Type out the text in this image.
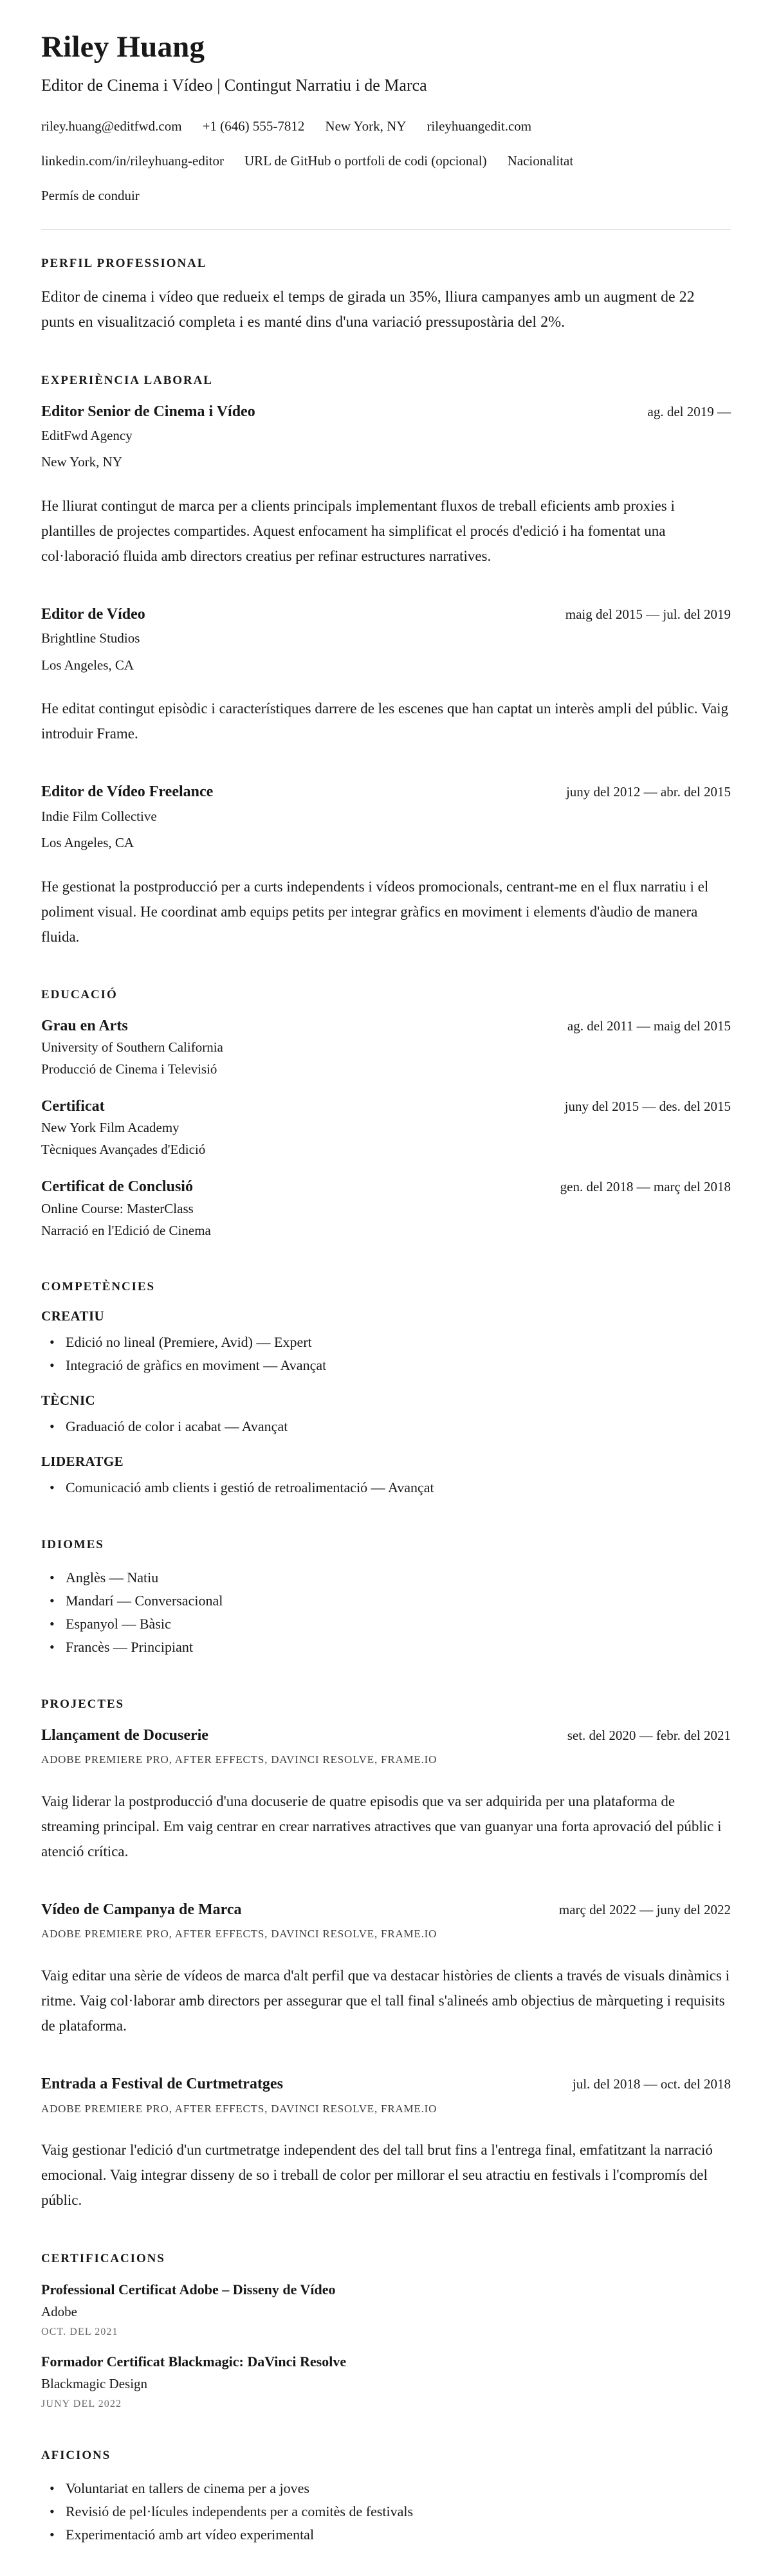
Riley Huang
Editor de Cinema i Vídeo | Contingut Narratiu i de Marca
riley.huang@editfwd.com +1 (646) 555-7812 New York, NY rileyhuangedit.com
linkedin.com/in/rileyhuang-editor URL de GitHub o portfoli de codi (opcional) Nacionalitat
Permís de conduir
PERFIL PROFESSIONAL

Editor de cinema i vídeo que redueix el temps de girada un 35%, lliura campanyes amb un augment de 22 punts en visualització completa i es manté dins d'una variació pressupostària del 2%.

EXPERIÈNCIA LABORAL
Editor Senior de Cinema i Vídeo	ag. del 2019 —
EditFwd Agency
New York, NY

He lliurat contingut de marca per a clients principals implementant fluxos de treball eficients amb proxies i plantilles de projectes compartides. Aquest enfocament ha simplificat el procés d'edició i ha fomentat una col·laboració fluida amb directors creatius per refinar estructures narratives.

Editor de Vídeo	maig del 2015 — jul. del 2019
Brightline Studios
Los Angeles, CA

He editat contingut episòdic i característiques darrere de les escenes que han captat un interès ampli del públic. Vaig introduir Frame.

Editor de Vídeo Freelance	juny del 2012 — abr. del 2015
Indie Film Collective
Los Angeles, CA

He gestionat la postproducció per a curts independents i vídeos promocionals, centrant-me en el flux narratiu i el poliment visual. He coordinat amb equips petits per integrar gràfics en moviment i elements d'àudio de manera fluida.

EDUCACIÓ
Grau en Arts	ag. del 2011 — maig del 2015
University of Southern California
Producció de Cinema i Televisió
Certificat	juny del 2015 — des. del 2015
New York Film Academy
Tècniques Avançades d'Edició
Certificat de Conclusió	gen. del 2018 — març del 2018
Online Course: MasterClass
Narració en l'Edició de Cinema
COMPETÈNCIES
CREATIU
• Edició no lineal (Premiere, Avid) — Expert
• Integració de gràfics en moviment — Avançat
TÈCNIC
• Graduació de color i acabat — Avançat
LIDERATGE
• Comunicació amb clients i gestió de retroalimentació — Avançat
IDIOMES
• Anglès — Natiu
• Mandarí — Conversacional
• Espanyol — Bàsic
• Francès — Principiant
PROJECTES
Llançament de Docuserie	set. del 2020 — febr. del 2021
ADOBE PREMIERE PRO, AFTER EFFECTS, DAVINCI RESOLVE, FRAME.IO

Vaig liderar la postproducció d'una docuserie de quatre episodis que va ser adquirida per una plataforma de streaming principal. Em vaig centrar en crear narratives atractives que van guanyar una forta aprovació del públic i atenció crítica.

Vídeo de Campanya de Marca	març del 2022 — juny del 2022
ADOBE PREMIERE PRO, AFTER EFFECTS, DAVINCI RESOLVE, FRAME.IO

Vaig editar una sèrie de vídeos de marca d'alt perfil que va destacar històries de clients a través de visuals dinàmics i ritme. Vaig col·laborar amb directors per assegurar que el tall final s'alineés amb objectius de màrqueting i requisits de plataforma.

Entrada a Festival de Curtmetratges	jul. del 2018 — oct. del 2018
ADOBE PREMIERE PRO, AFTER EFFECTS, DAVINCI RESOLVE, FRAME.IO

Vaig gestionar l'edició d'un curtmetratge independent des del tall brut fins a l'entrega final, emfatitzant la narració emocional. Vaig integrar disseny de so i treball de color per millorar el seu atractiu en festivals i l'compromís del públic.

CERTIFICACIONS
Professional Certificat Adobe – Disseny de Vídeo
Adobe
OCT. DEL 2021
Formador Certificat Blackmagic: DaVinci Resolve
Blackmagic Design
JUNY DEL 2022
AFICIONS
• Voluntariat en tallers de cinema per a joves
• Revisió de pel·lícules independents per a comitès de festivals
• Experimentació amb art vídeo experimental
